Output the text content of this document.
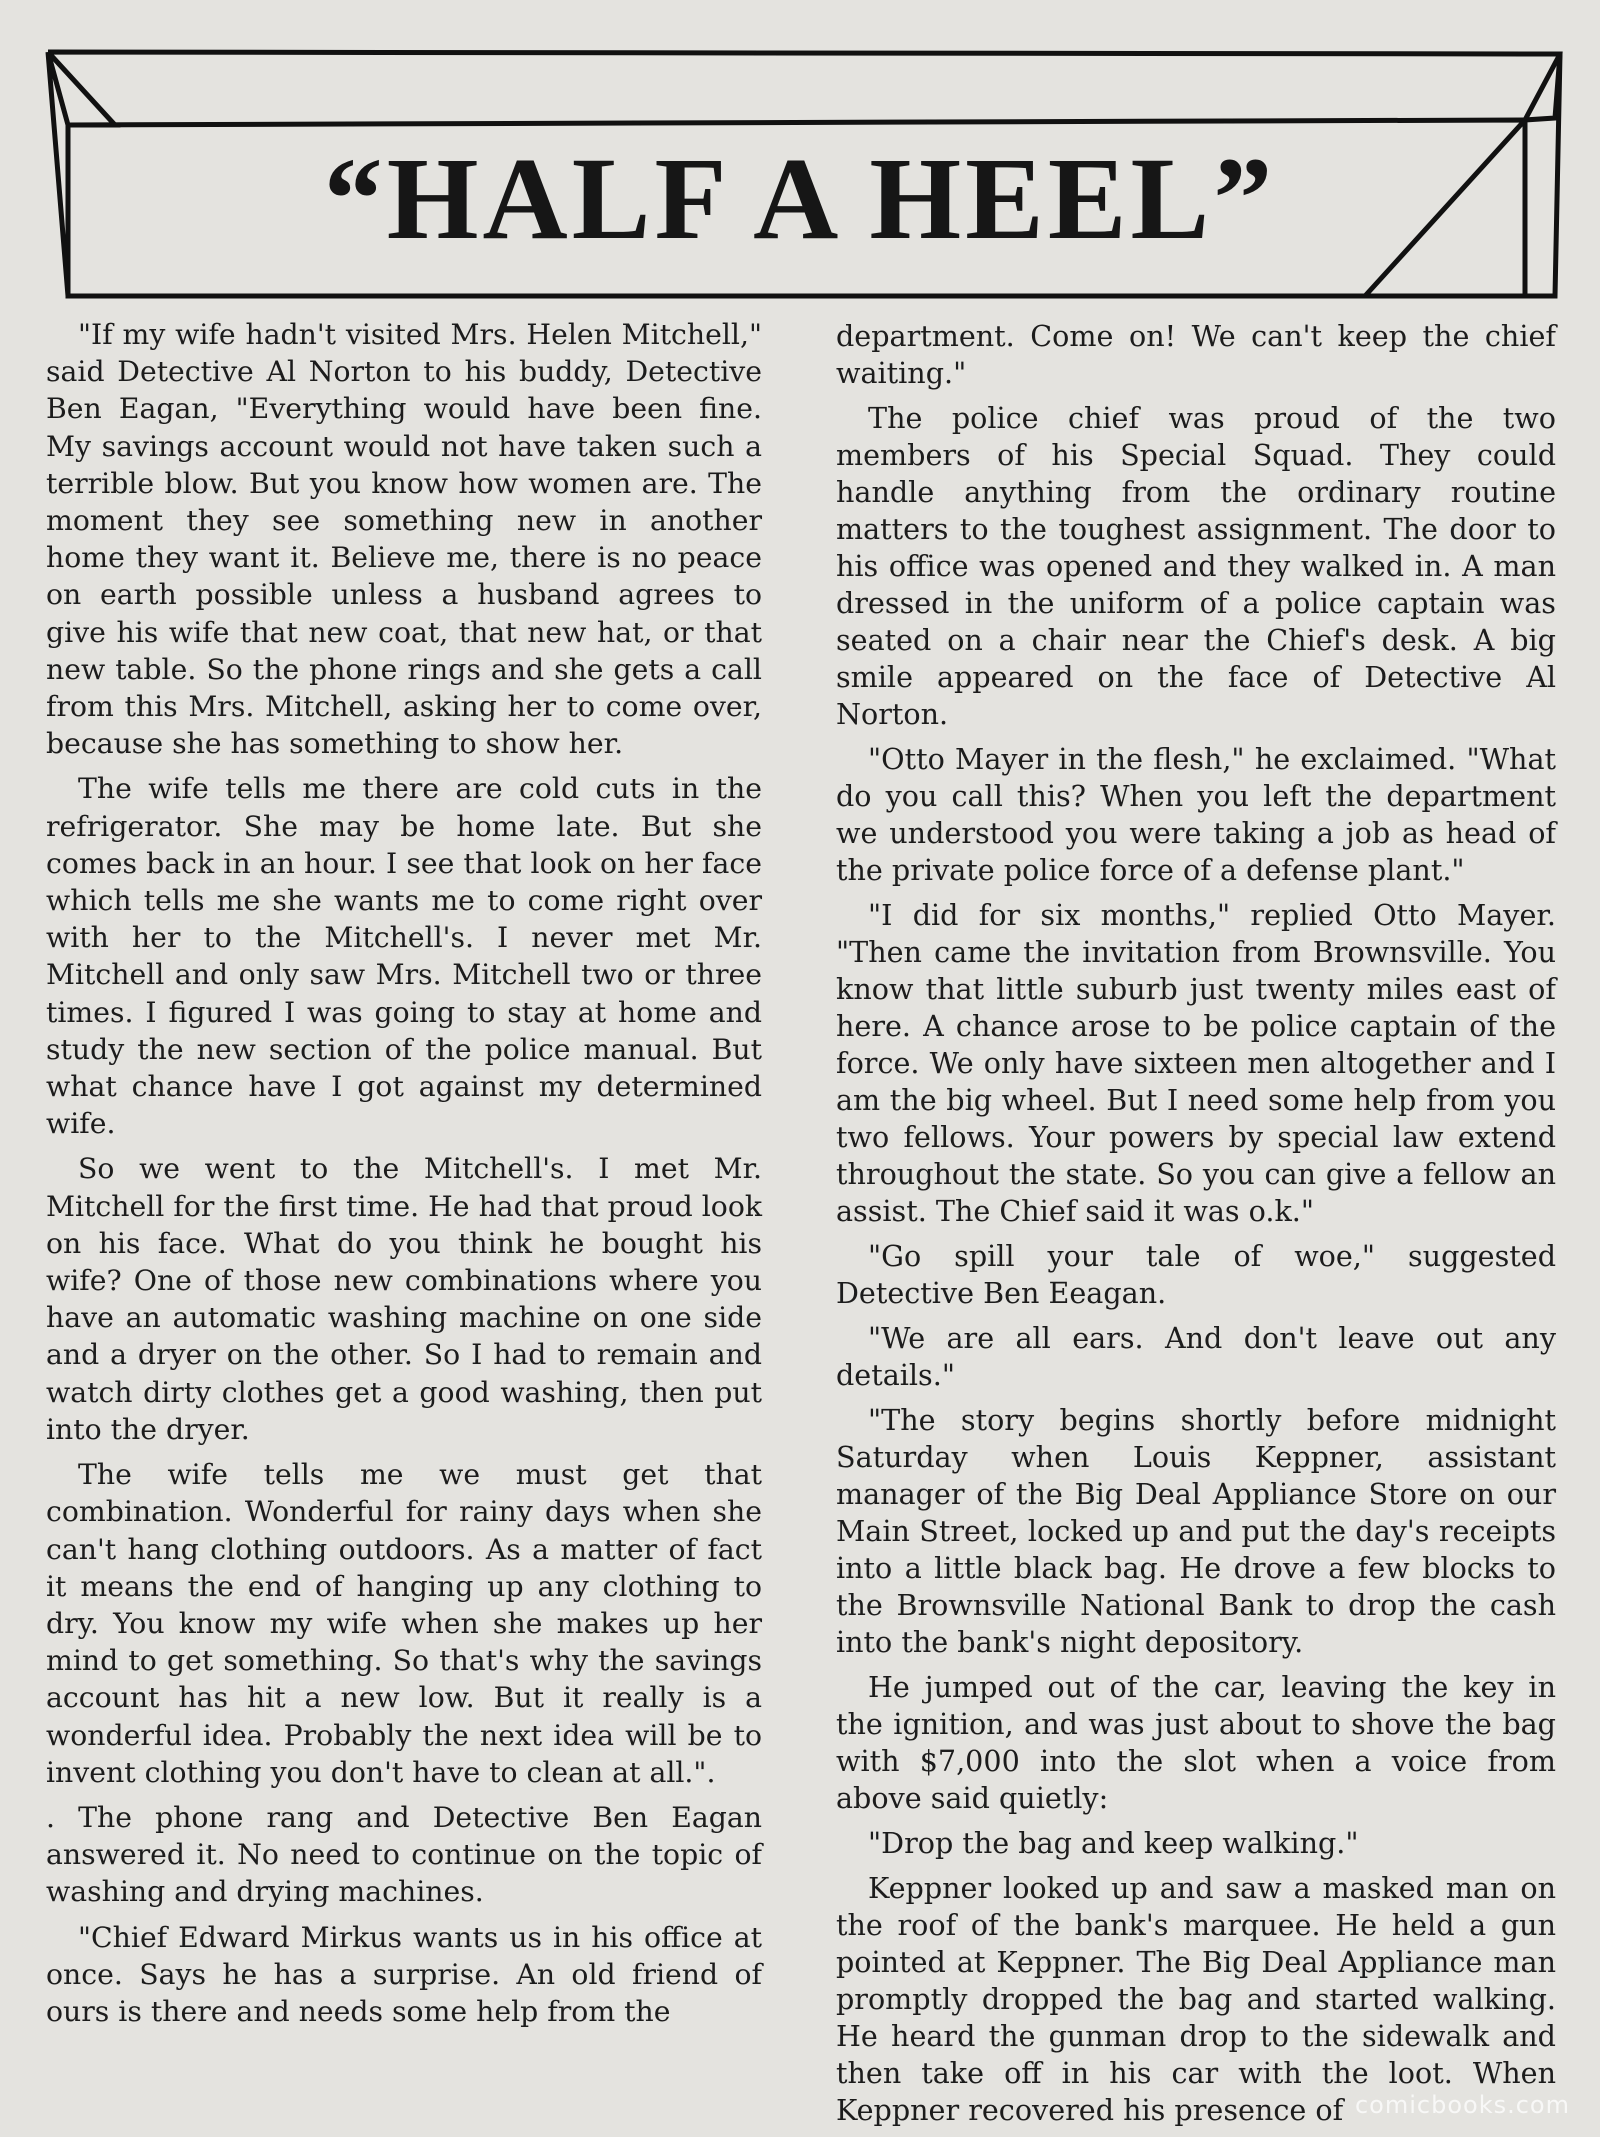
“HALF A HEEL”

"If my wife hadn't visited Mrs. Helen Mitchell," said Detective Al Norton to his buddy, Detective Ben Eagan, "Everything would have been fine. My savings account would not have taken such a terrible blow. But you know how women are. The moment they see something new in another home they want it. Believe me, there is no peace on earth possible unless a husband agrees to give his wife that new coat, that new hat, or that new table. So the phone rings and she gets a call from this Mrs. Mitchell, asking her to come over, because she has something to show her.

The wife tells me there are cold cuts in the refrigerator. She may be home late. But she comes back in an hour. I see that look on her face which tells me she wants me to come right over with her to the Mitchell's. I never met Mr. Mitchell and only saw Mrs. Mitchell two or three times. I figured I was going to stay at home and study the new section of the police manual. But what chance have I got against my determined wife.

So we went to the Mitchell's. I met Mr. Mitchell for the first time. He had that proud look on his face. What do you think he bought his wife? One of those new combinations where you have an automatic washing machine on one side and a dryer on the other. So I had to remain and watch dirty clothes get a good washing, then put into the dryer.

The wife tells me we must get that combination. Wonderful for rainy days when she can't hang clothing outdoors. As a matter of fact it means the end of hanging up any clothing to dry. You know my wife when she makes up her mind to get something. So that's why the savings account has hit a new low. But it really is a wonderful idea. Probably the next idea will be to invent clothing you don't have to clean at all.".

. The phone rang and Detective Ben Eagan answered it. No need to continue on the topic of washing and drying machines.

"Chief Edward Mirkus wants us in his office at once. Says he has a surprise. An old friend of ours is there and needs some help from the

department. Come on! We can't keep the chief waiting."

The police chief was proud of the two members of his Special Squad. They could handle anything from the ordinary routine matters to the toughest assignment. The door to his office was opened and they walked in. A man dressed in the uniform of a police captain was seated on a chair near the Chief's desk. A big smile appeared on the face of Detective Al Norton.

"Otto Mayer in the flesh," he exclaimed. "What do you call this? When you left the department we understood you were taking a job as head of the private police force of a defense plant."

"I did for six months," replied Otto Mayer. "Then came the invitation from Brownsville. You know that little suburb just twenty miles east of here. A chance arose to be police captain of the force. We only have sixteen men altogether and I am the big wheel. But I need some help from you two fellows. Your powers by special law extend throughout the state. So you can give a fellow an assist. The Chief said it was o.k."

"Go spill your tale of woe," suggested Detective Ben Eeagan.

"We are all ears. And don't leave out any details."

"The story begins shortly before midnight Saturday when Louis Keppner, assistant manager of the Big Deal Appliance Store on our Main Street, locked up and put the day's receipts into a little black bag. He drove a few blocks to the Brownsville National Bank to drop the cash into the bank's night depository.

He jumped out of the car, leaving the key in the ignition, and was just about to shove the bag with $7,000 into the slot when a voice from above said quietly:

"Drop the bag and keep walking."

Keppner looked up and saw a masked man on the roof of the bank's marquee. He held a gun pointed at Keppner. The Big Deal Appliance man promptly dropped the bag and started walking. He heard the gunman drop to the sidewalk and then take off in his car with the loot. When Keppner recovered his presence of comicbooks.com
